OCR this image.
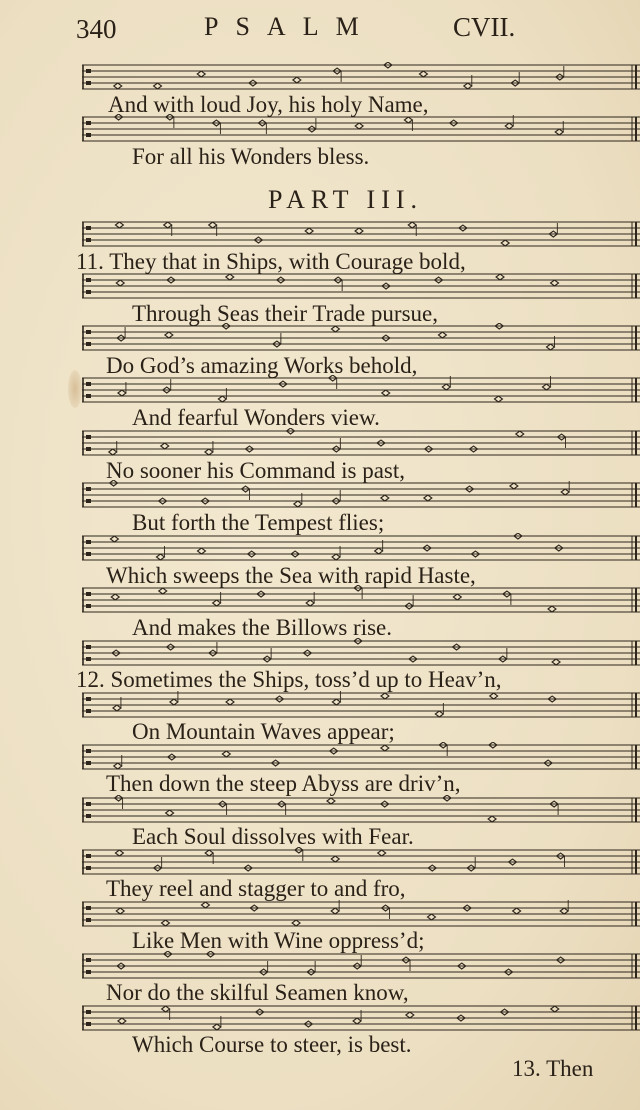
340	PSALM	CVII.
PART III.
And with loud Joy, his holy Name,
For all his Wonders bless.
11. They that in Ships, with Courage bold,
Through Seas their Trade pursue,
Do God’s amazing Works behold,
And fearful Wonders view.
No sooner his Command is past,
But forth the Tempest flies;
Which sweeps the Sea with rapid Haste,
And makes the Billows rise.
12. Sometimes the Ships, toss’d up to Heav’n,
On Mountain Waves appear;
Then down the steep Abyss are driv’n,
Each Soul dissolves with Fear.
They reel and stagger to and fro,
Like Men with Wine oppress’d;
Nor do the skilful Seamen know,
Which Course to steer, is best.
13. Then
